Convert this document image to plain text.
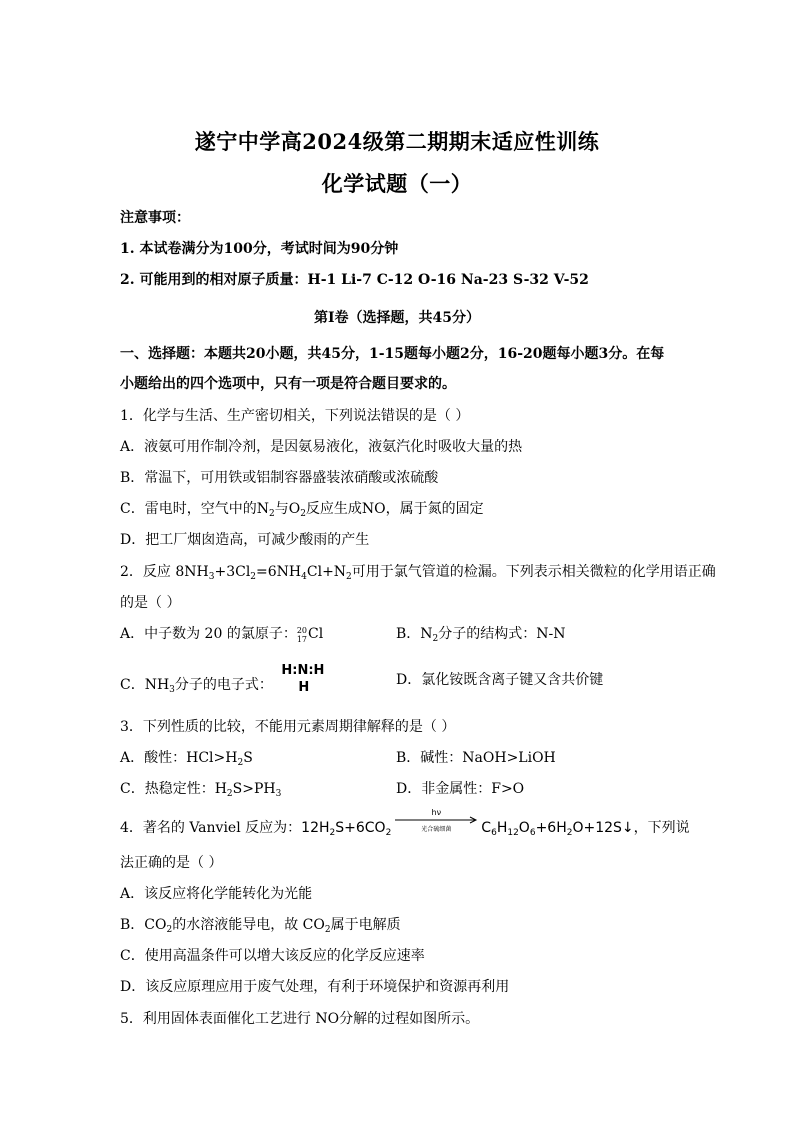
遂宁中学高2024级第二期期末适应性训练
化学试题（一）
注意事项：
1. 本试卷满分为100分，考试时间为90分钟
2. 可能用到的相对原子质量：H-1 Li-7 C-12 O-16 Na-23 S-32 V-52
第Ⅰ卷（选择题，共45分）
一、选择题：本题共20小题，共45分，1-15题每小题2分，16-20题每小题3分。在每
小题给出的四个选项中，只有一项是符合题目要求的。
1．化学与生活、生产密切相关，下列说法错误的是（ ）
A．液氨可用作制冷剂，是因氨易液化，液氨汽化时吸收大量的热
B．常温下，可用铁或铝制容器盛装浓硝酸或浓硫酸
C．雷电时，空气中的$N_2$与$O_2$反应生成NO，属于氮的固定
D．把工厂烟囱造高，可减少酸雨的产生
2．反应 $8NH_3+3Cl_2=6NH_4Cl+N_2$可用于氯气管道的检漏。下列表示相关微粒的化学用语正确
的是（ ）
A．中子数为 20 的氯原子：20
17Cl	B．$N_2$分子的结构式：N-N
C．$NH_3$分子的电子式：
H:N:H
H	D．氯化铵既含离子键又含共价键
3．下列性质的比较，不能用元素周期律解释的是（ ）
A．酸性：$HCl>H_2S$	B．碱性：NaOH>LiOH
C．热稳定性：$H_2S>PH_3$	D．非金属性：F>O
4．著名的 Vanviel 反应为：$12H_2S+6CO_2$
hν
光合硫细菌	$C_6H_{12}O_6+6H_2O+12S↓$，下列说
法正确的是（ ）
A．该反应将化学能转化为光能
B．$CO_2$的水溶液能导电，故 $CO_2$属于电解质
C．使用高温条件可以增大该反应的化学反应速率
D．该反应原理应用于废气处理，有利于环境保护和资源再利用
5．利用固体表面催化工艺进行 NO分解的过程如图所示。
